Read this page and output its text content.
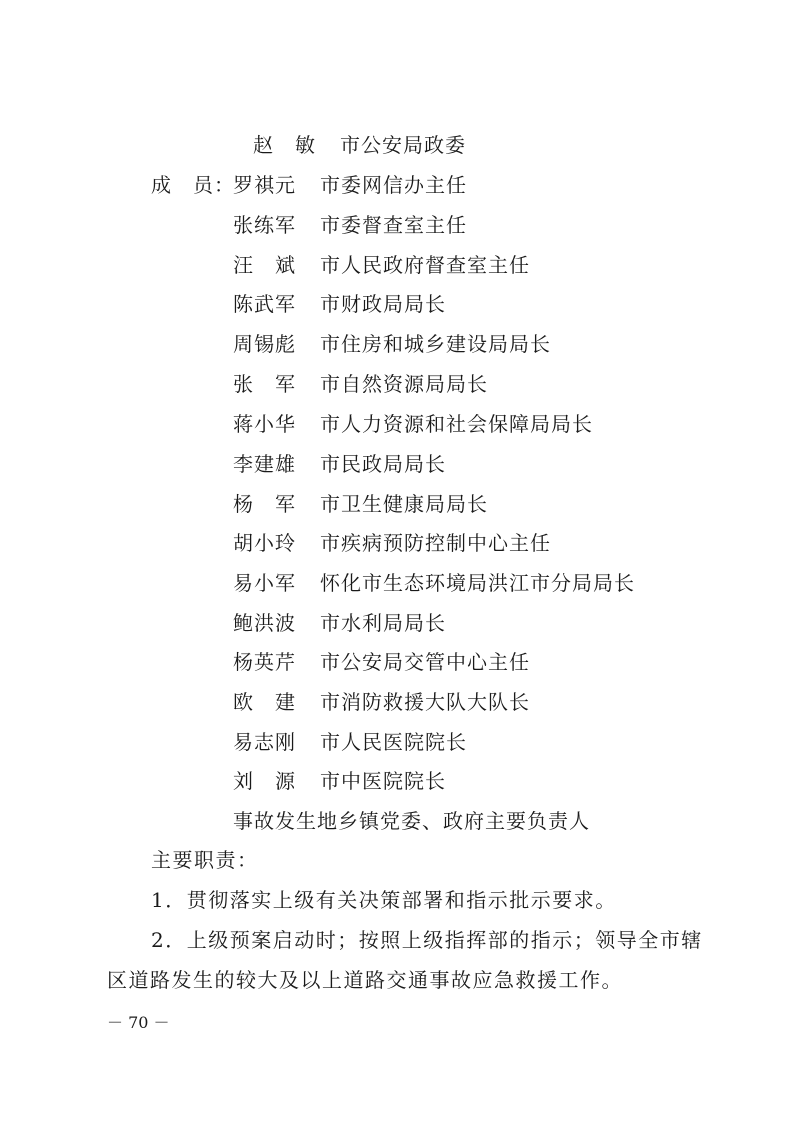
赵　敏 市公安局政委
成　员：
罗祺元 市委网信办主任
张练军 市委督查室主任
汪　斌 市人民政府督查室主任
陈武军 市财政局局长
周锡彪 市住房和城乡建设局局长
张　军 市自然资源局局长
蒋小华 市人力资源和社会保障局局长
李建雄 市民政局局长
杨　军 市卫生健康局局长
胡小玲 市疾病预防控制中心主任
易小军 怀化市生态环境局洪江市分局局长
鲍洪波 市水利局局长
杨英芹 市公安局交管中心主任
欧　建 市消防救援大队大队长
易志刚 市人民医院院长
刘　源 市中医院院长
事故发生地乡镇党委、政府主要负责人
主要职责：
1．贯彻落实上级有关决策部署和指示批示要求。
2．上级预案启动时；按照上级指挥部的指示；领导全市辖
区道路发生的较大及以上道路交通事故应急救援工作。
－ 70 －
